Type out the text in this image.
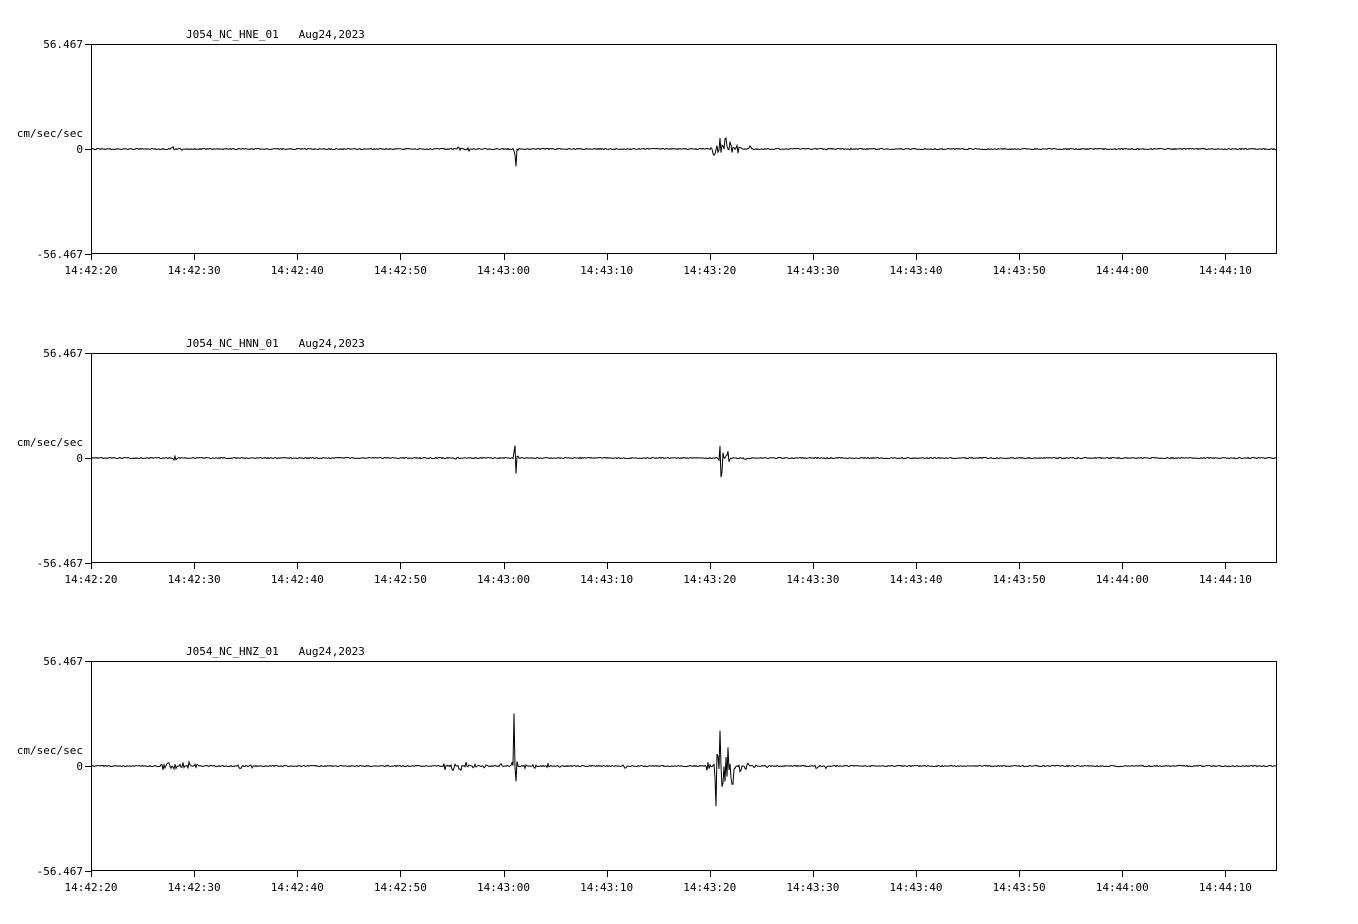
J054_NC_HNE_01   Aug24,2023
56.467
0
-56.467
cm/sec/sec
14:42:20	14:42:30	14:42:40	14:42:50	14:43:00	14:43:10	14:43:20	14:43:30	14:43:40	14:43:50	14:44:00	14:44:10
J054_NC_HNN_01   Aug24,2023
56.467
0
-56.467
cm/sec/sec
14:42:20	14:42:30	14:42:40	14:42:50	14:43:00	14:43:10	14:43:20	14:43:30	14:43:40	14:43:50	14:44:00	14:44:10
J054_NC_HNZ_01   Aug24,2023
56.467
0
-56.467
cm/sec/sec
14:42:20	14:42:30	14:42:40	14:42:50	14:43:00	14:43:10	14:43:20	14:43:30	14:43:40	14:43:50	14:44:00	14:44:10
